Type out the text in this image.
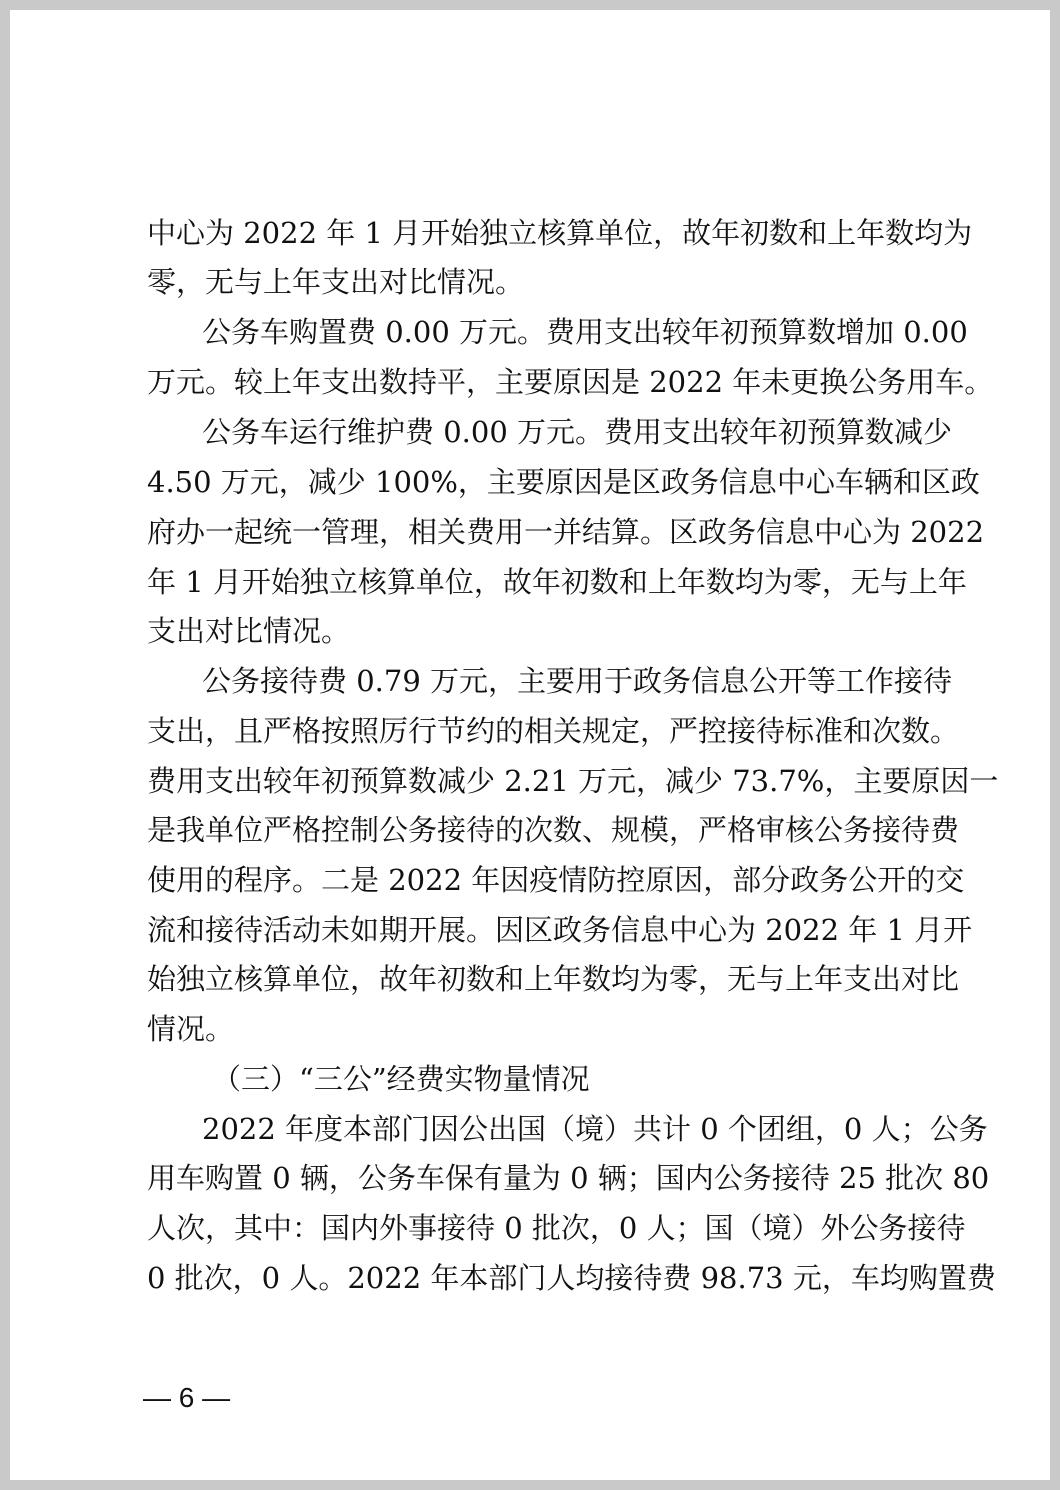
中心为 2022 年 1 月开始独立核算单位，故年初数和上年数均为
零，无与上年支出对比情况。
公务车购置费 0.00 万元。费用支出较年初预算数增加 0.00
万元。较上年支出数持平，主要原因是 2022 年未更换公务用车。
公务车运行维护费 0.00 万元。费用支出较年初预算数减少
4.50 万元，减少 100%，主要原因是区政务信息中心车辆和区政
府办一起统一管理，相关费用一并结算。区政务信息中心为 2022
年 1 月开始独立核算单位，故年初数和上年数均为零，无与上年
支出对比情况。
公务接待费 0.79 万元，主要用于政务信息公开等工作接待
支出，且严格按照厉行节约的相关规定，严控接待标准和次数。
费用支出较年初预算数减少 2.21 万元，减少 73.7%，主要原因一
是我单位严格控制公务接待的次数、规模，严格审核公务接待费
使用的程序。二是 2022 年因疫情防控原因，部分政务公开的交
流和接待活动未如期开展。因区政务信息中心为 2022 年 1 月开
始独立核算单位，故年初数和上年数均为零，无与上年支出对比
情况。
（三）“三公”经费实物量情况
2022 年度本部门因公出国（境）共计 0 个团组，0 人；公务
用车购置 0 辆，公务车保有量为 0 辆；国内公务接待 25 批次 80
人次，其中：国内外事接待 0 批次，0 人；国（境）外公务接待
0 批次，0 人。2022 年本部门人均接待费 98.73 元，车均购置费
— 6 —
